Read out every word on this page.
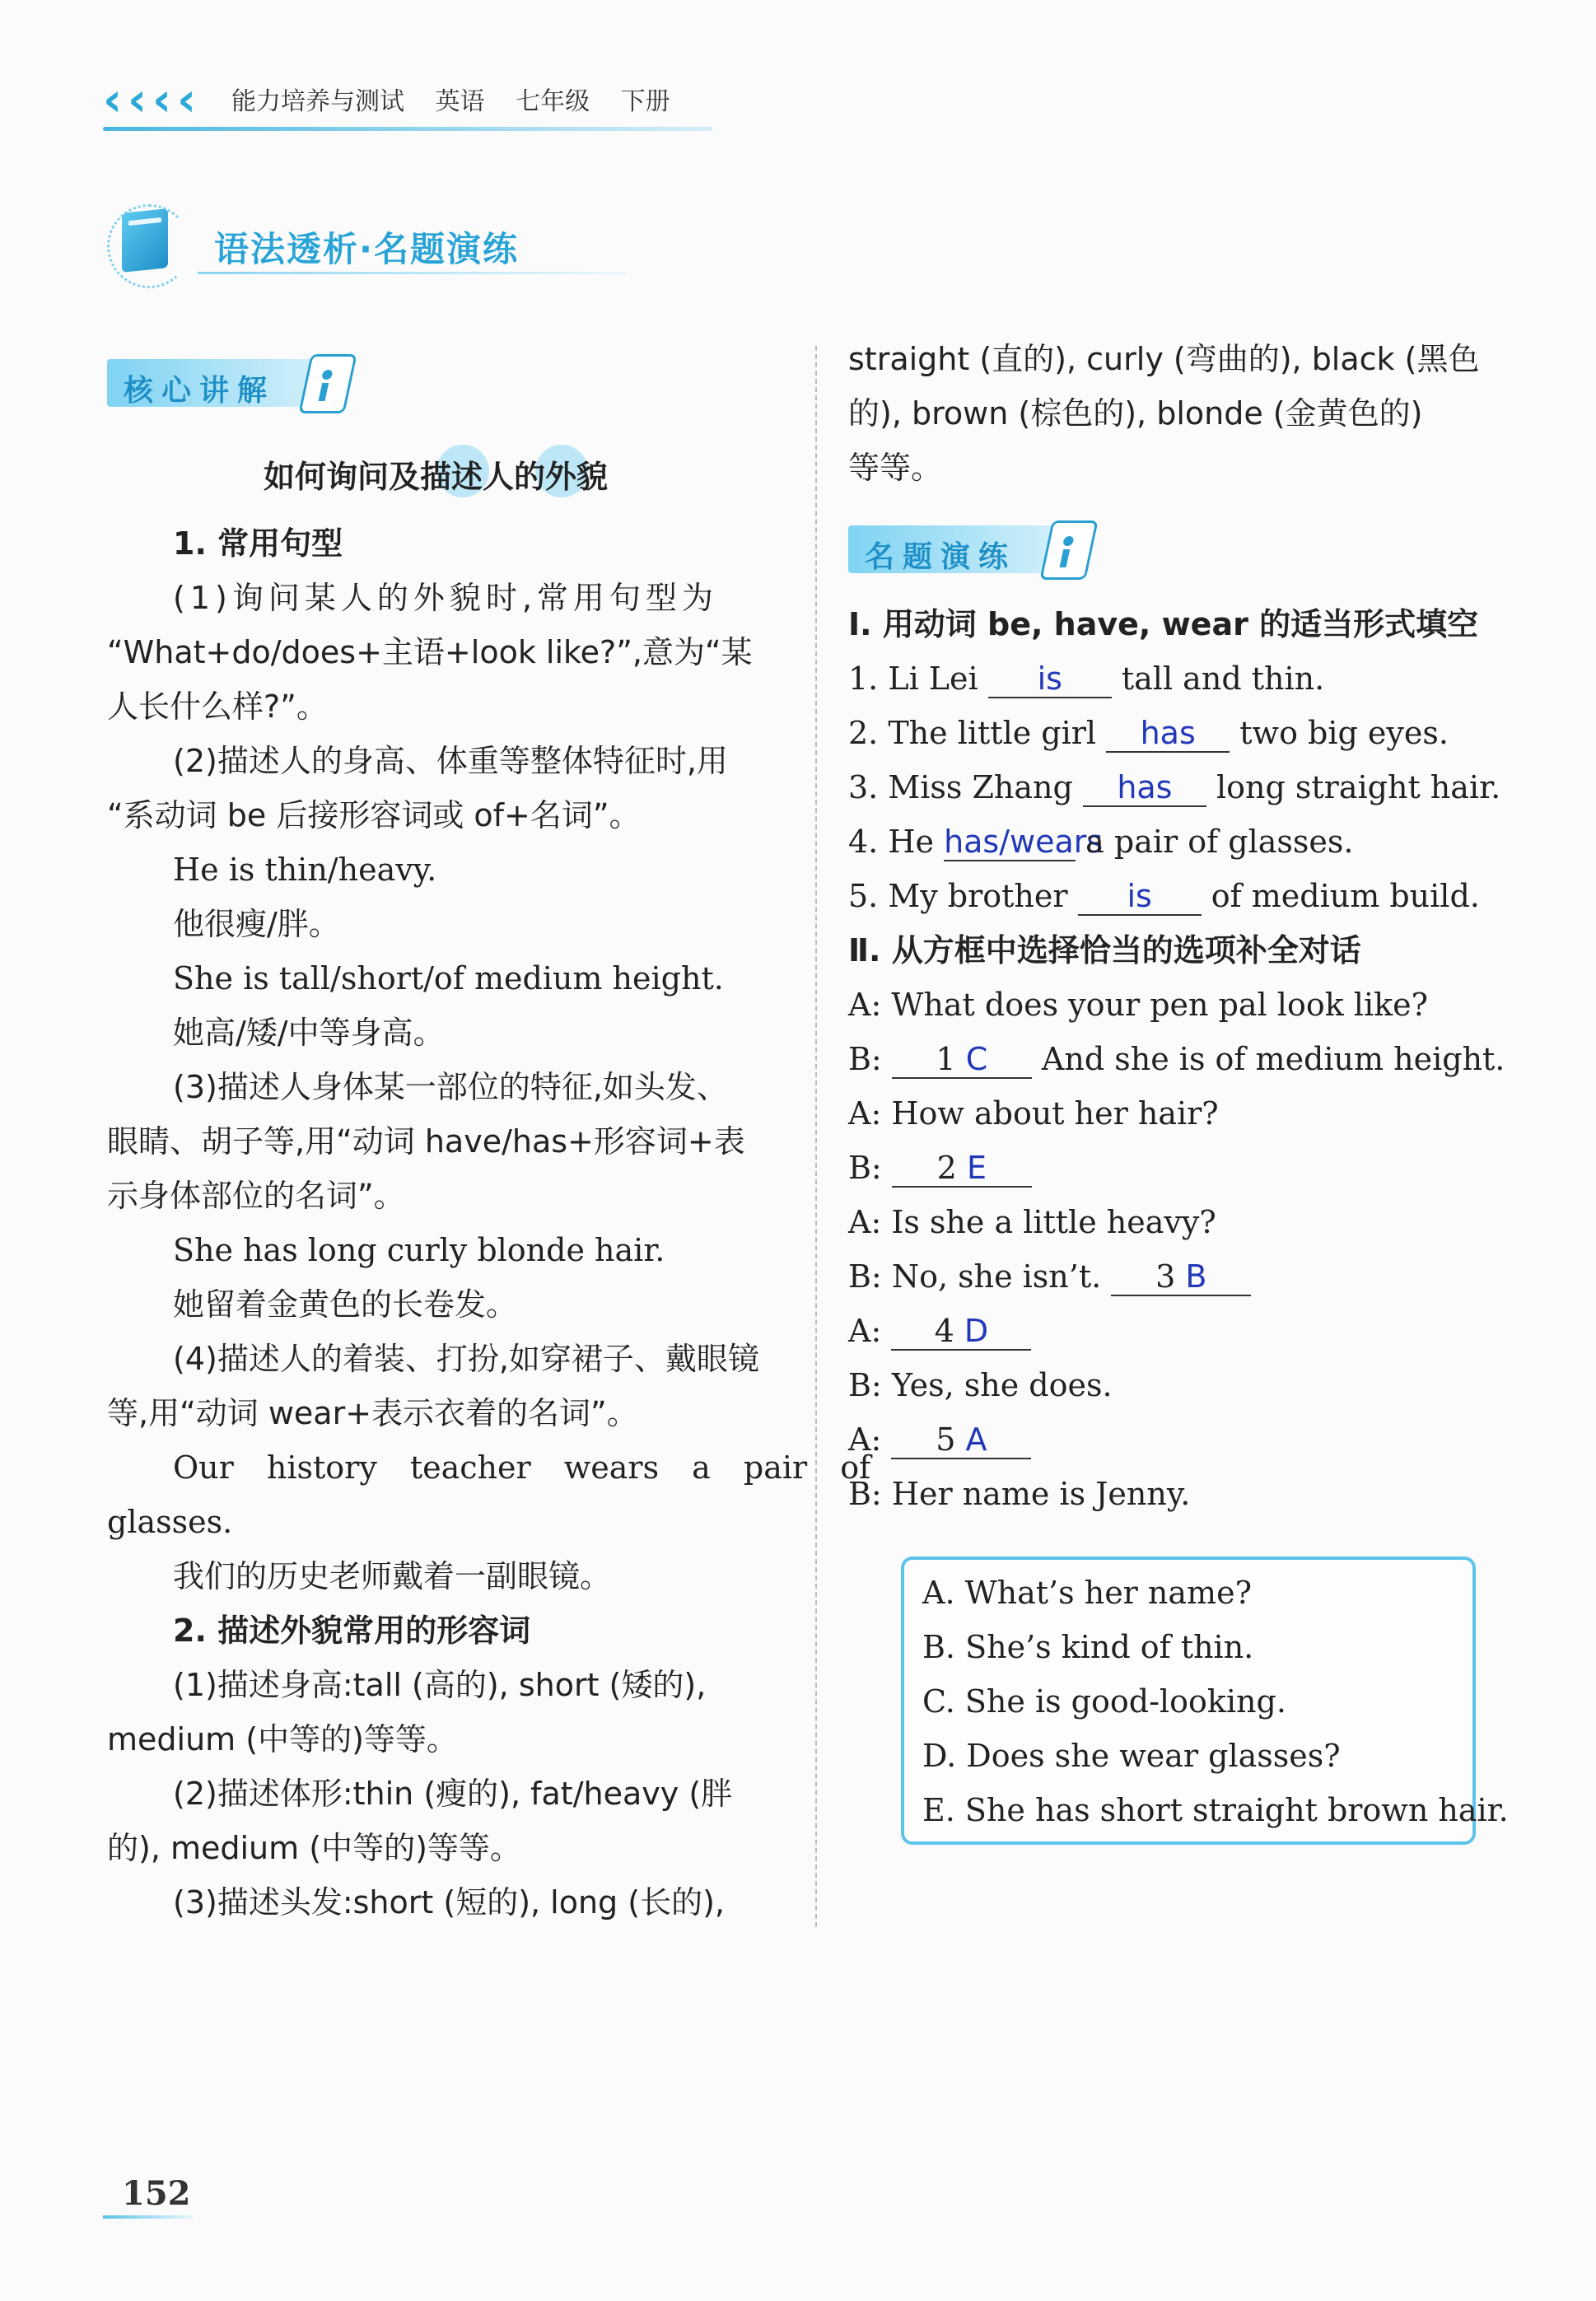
‹ ‹ ‹ ‹ 能力培养与测试 英语 七年级 下册
语法透析·名题演练
核心讲解
如何询问及描述人的外貌
1. 常用句型
(1)询问某人的外貌时,常用句型为
“What+do/does+主语+look like?”,意为“某
人长什么样?”。
(2)描述人的身高、体重等整体特征时,用
“系动词 be 后接形容词或 of+名词”。
He is thin/heavy.
他很瘦/胖。
She is tall/short/of medium height.
她高/矮/中等身高。
(3)描述人身体某一部位的特征,如头发、
眼睛、胡子等,用“动词 have/has+形容词+表
示身体部位的名词”。
She has long curly blonde hair.
她留着金黄色的长卷发。
(4)描述人的着装、打扮,如穿裙子、戴眼镜
等,用“动词 wear+表示衣着的名词”。
Our history teacher wears a pair of
glasses.
我们的历史老师戴着一副眼镜。
2. 描述外貌常用的形容词
(1)描述身高:tall (高的), short (矮的),
medium (中等的)等等。
(2)描述体形:thin (瘦的), fat/heavy (胖
的), medium (中等的)等等。
(3)描述头发:short (短的), long (长的),
straight (直的), curly (弯曲的), black (黑色
的), brown (棕色的), blonde (金黄色的)
等等。
名题演练
Ⅰ. 用动词 be, have, wear 的适当形式填空
1. Li Lei is tall and thin.
2. The little girl has two big eyes.
3. Miss Zhang has long straight hair.
4. He has/wears a pair of glasses.
5. My brother is of medium build.
Ⅱ. 从方框中选择恰当的选项补全对话
A: What does your pen pal look like?
B: 1 C And she is of medium height.
A: How about her hair?
B: 2 E
A: Is she a little heavy?
B: No, she isn’t. 3 B
A: 4 D
B: Yes, she does.
A: 5 A
B: Her name is Jenny.
A. What’s her name?
B. She’s kind of thin.
C. She is good-looking.
D. Does she wear glasses?
E. She has short straight brown hair.
152
